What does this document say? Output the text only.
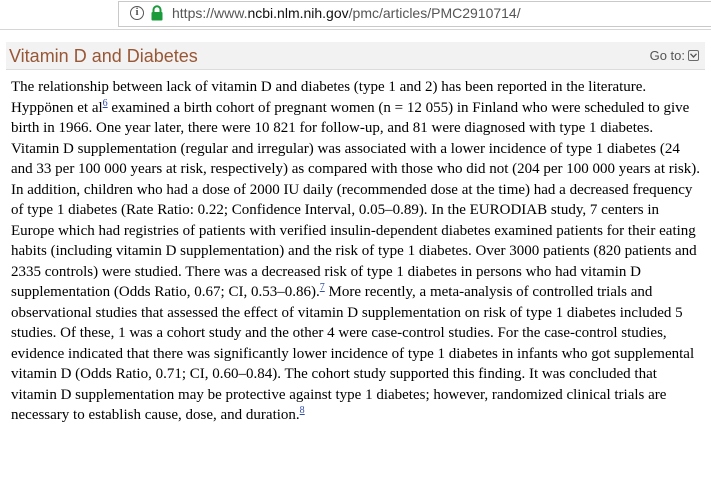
i	https://www.ncbi.nlm.nih.gov/pmc/articles/PMC2910714/
Vitamin D and Diabetes	Go to:

The relationship between lack of vitamin D and diabetes (type 1 and 2) has been reported in the literature. Hyppönen et al$^6$ examined a birth cohort of pregnant women (n = 12 055) in Finland who were scheduled to give birth in 1966. One year later, there were 10 821 for follow-up, and 81 were diagnosed with type 1 diabetes. Vitamin D supplementation (regular and irregular) was associated with a lower incidence of type 1 diabetes (24 and 33 per 100 000 years at risk, respectively) as compared with those who did not (204 per 100 000 years at risk). In addition, children who had a dose of 2000 IU daily (recommended dose at the time) had a decreased frequency of type 1 diabetes (Rate Ratio: 0.22; Confidence Interval, 0.05–0.89). In the EURODIAB study, 7 centers in Europe which had registries of patients with verified insulin-dependent diabetes examined patients for their eating habits (including vitamin D supplementation) and the risk of type 1 diabetes. Over 3000 patients (820 patients and 2335 controls) were studied. There was a decreased risk of type 1 diabetes in persons who had vitamin D supplementation (Odds Ratio, 0.67; CI, 0.53–0.86).$^7$ More recently, a meta-analysis of controlled trials and observational studies that assessed the effect of vitamin D supplementation on risk of type 1 diabetes included 5 studies. Of these, 1 was a cohort study and the other 4 were case-control studies. For the case-control studies, evidence indicated that there was significantly lower incidence of type 1 diabetes in infants who got supplemental vitamin D (Odds Ratio, 0.71; CI, 0.60–0.84). The cohort study supported this finding. It was concluded that vitamin D supplementation may be protective against type 1 diabetes; however, randomized clinical trials are necessary to establish cause, dose, and duration.$^8$
